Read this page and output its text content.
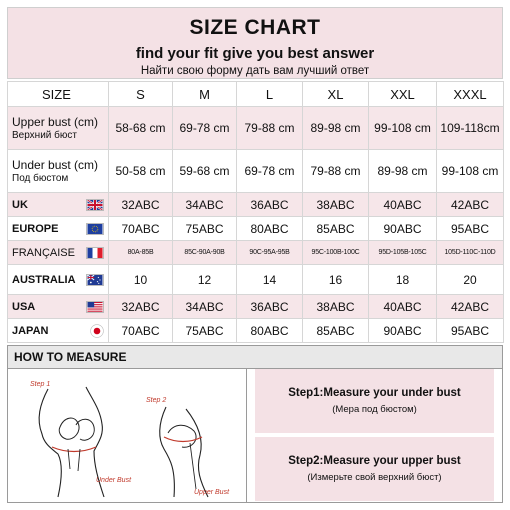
SIZE CHART
find your fit give you best answer
Найти свою форму дать вам лучший ответ
SIZE	S	M	L	XL	XXL	XXXL
Upper bust (cm)
Верхний бюст	58-68 cm	69-78 cm	79-88 cm	89-98 cm	99-108 cm	109-118cm
Under bust (cm)
Под бюстом	50-58 cm	59-68 cm	69-78 cm	79-88 cm	89-98 cm	99-108 cm

UK	32ABC	34ABC	36ABC	38ABC	40ABC	42ABC

EUROPE	70ABC	75ABC	80ABC	85ABC	90ABC	95ABC

FRANÇAISE	80A-85B	85C-90A-90B	90C-95A-95B	95C-100B-100C	95D-105B-105C	105D-110C-110D

AUSTRALIA	10	12	14	16	18	20

USA	32ABC	34ABC	36ABC	38ABC	40ABC	42ABC

JAPAN	70ABC	75ABC	80ABC	85ABC	90ABC	95ABC
HOW TO MEASURE
Step 1
Step 2
Under Bust
Upper Bust
Step1:Measure your under bust
(Мера под бюстом)
Step2:Measure your upper bust
(Измерьте свой верхний бюст)
